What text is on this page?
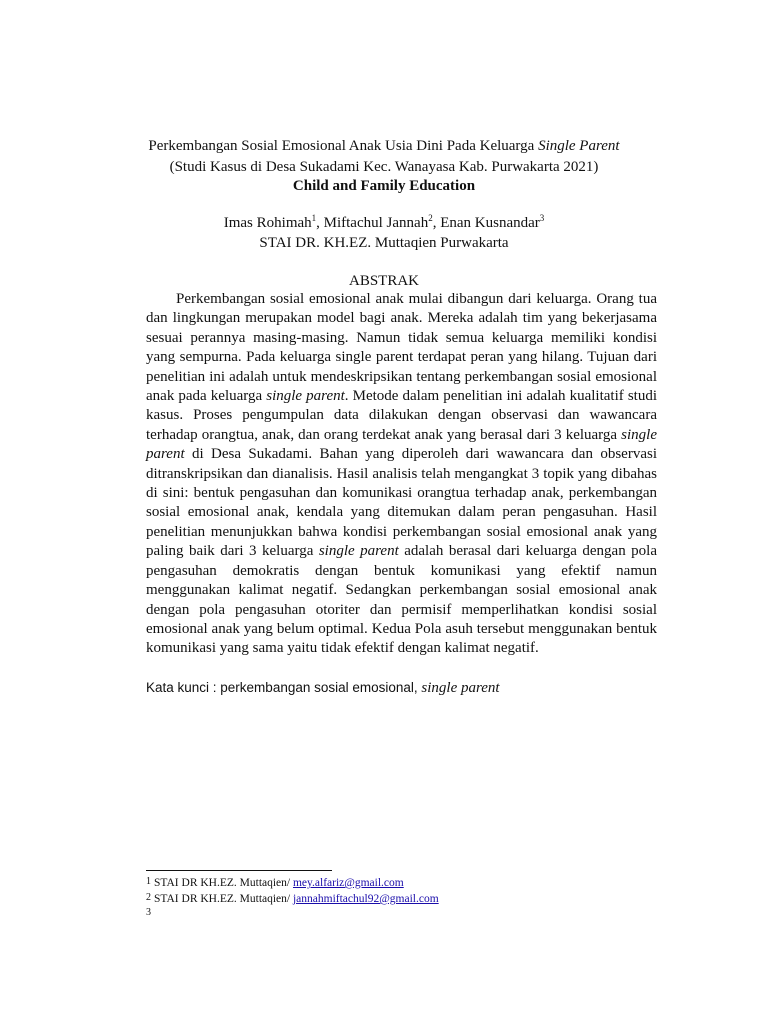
Perkembangan Sosial Emosional Anak Usia Dini Pada Keluarga Single Parent
(Studi Kasus di Desa Sukadami Kec. Wanayasa Kab. Purwakarta 2021)
Child and Family Education
Imas Rohimah$^1$, Miftachul Jannah$^2$, Enan Kusnandar$^3$
STAI DR. KH.EZ. Muttaqien Purwakarta
ABSTRAK

Perkembangan sosial emosional anak mulai dibangun dari keluarga. Orang tua dan lingkungan merupakan model bagi anak. Mereka adalah tim yang bekerjasama sesuai perannya masing-masing. Namun tidak semua keluarga memiliki kondisi yang sempurna. Pada keluarga single parent terdapat peran yang hilang. Tujuan dari penelitian ini adalah untuk mendeskripsikan tentang perkembangan sosial emosional anak pada keluarga single parent. Metode dalam penelitian ini adalah kualitatif studi kasus. Proses pengumpulan data dilakukan dengan observasi dan wawancara terhadap orangtua, anak, dan orang terdekat anak yang berasal dari 3 keluarga single parent di Desa Sukadami. Bahan yang diperoleh dari wawancara dan observasi ditranskripsikan dan dianalisis. Hasil analisis telah mengangkat 3 topik yang dibahas di sini: bentuk pengasuhan dan komunikasi orangtua terhadap anak, perkembangan sosial emosional anak, kendala yang ditemukan dalam peran pengasuhan. Hasil penelitian menunjukkan bahwa kondisi perkembangan sosial emosional anak yang paling baik dari 3 keluarga single parent adalah berasal dari keluarga dengan pola pengasuhan demokratis dengan bentuk komunikasi yang efektif namun menggunakan kalimat negatif. Sedangkan perkembangan sosial emosional anak dengan pola pengasuhan otoriter dan permisif memperlihatkan kondisi sosial emosional anak yang belum optimal. Kedua Pola asuh tersebut menggunakan bentuk komunikasi yang sama yaitu tidak efektif dengan kalimat negatif.

Kata kunci : perkembangan sosial emosional, single parent
1 STAI DR KH.EZ. Muttaqien/ mey.alfariz@gmail.com
2 STAI DR KH.EZ. Muttaqien/ jannahmiftachul92@gmail.com
3
